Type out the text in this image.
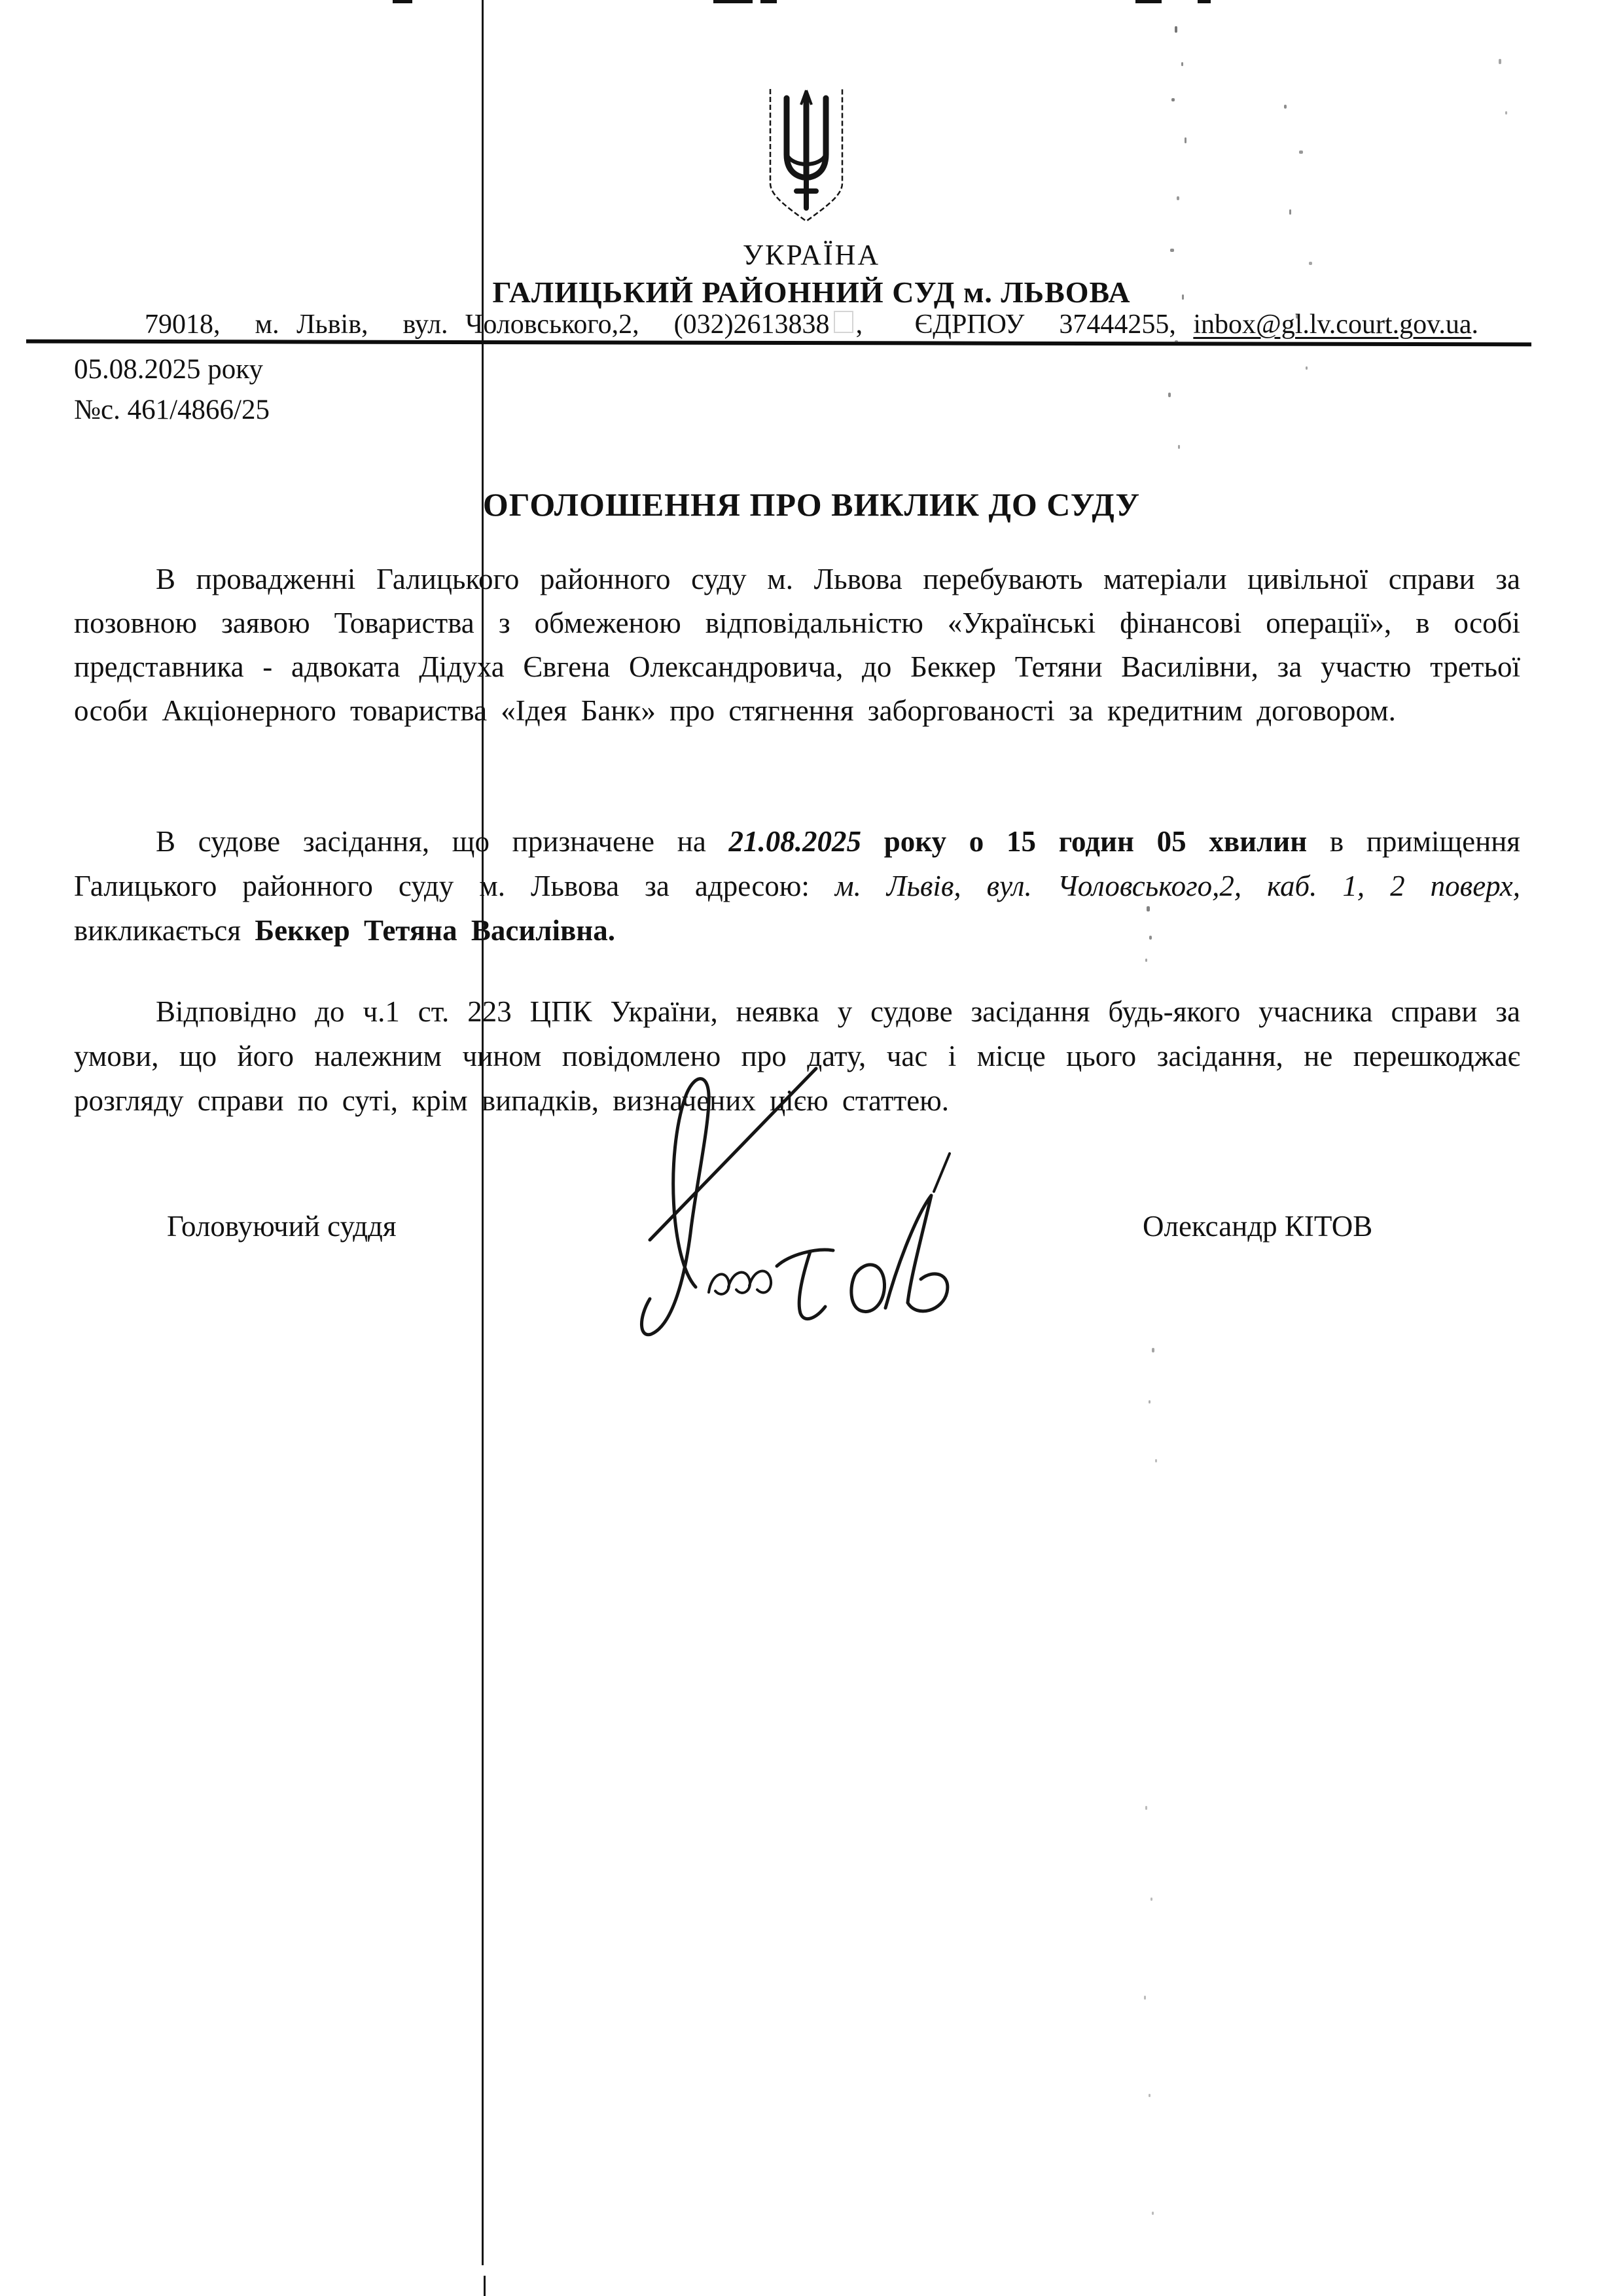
УКРАЇНА
ГАЛИЦЬКИЙ РАЙОННИЙ СУД м. ЛЬВОВА
79018,  м. Львів,  вул. Чоловського,2,  (032)2613838 ,   ЄДРПОУ  37444255, inbox@gl.lv.court.gov.ua.
05.08.2025 року
№с. 461/4866/25
ОГОЛОШЕННЯ ПРО ВИКЛИК ДО СУДУ
В провадженні Галицького районного суду м. Львова перебувають матеріали цивільної справи за позовною заявою Товариства з обмеженою відповідальністю «Українські фінансові операції», в особі представника - адвоката Дідуха Євгена Олександровича, до Беккер Тетяни Василівни, за участю третьої особи Акціонерного товариства «Ідея Банк» про стягнення заборгованості за кредитним договором.
В судове засідання, що призначене на 21.08.2025 року о 15 годин 05 хвилин в приміщення Галицького районного суду м. Львова за адресою: м. Львів, вул. Чоловського,2, каб. 1, 2 поверх, викликається Беккер Тетяна Василівна.
Відповідно до ч.1 ст. 223 ЦПК України, неявка у судове засідання будь-якого учасника справи за умови, що його належним чином повідомлено про дату, час і місце цього засідання, не перешкоджає розгляду справи по суті, крім випадків, визначених цією статтею.
Головуючий суддя	Олександр КІТОВ
